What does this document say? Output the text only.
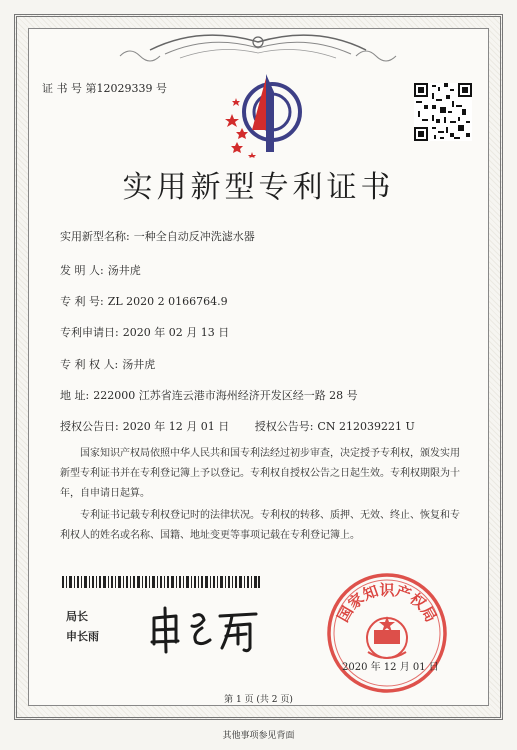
证 书 号 第12029339 号
实用新型专利证书
实用新型名称: 一种全自动反冲洗滤水器
发 明 人: 汤井虎
专 利 号: ZL 2020 2 0166764.9
专利申请日: 2020 年 02 月 13 日
专 利 权 人: 汤井虎
地 址: 222000 江苏省连云港市海州经济开发区经一路 28 号
授权公告日: 2020 年 12 月 01 日 授权公告号: CN 212039221 U
国家知识产权局依照中华人民共和国专利法经过初步审查，决定授予专利权，颁发实用
新型专利证书并在专利登记簿上予以登记。专利权自授权公告之日起生效。专利权期限为十
年，自申请日起算。
专利证书记载专利权登记时的法律状况。专利权的转移、质押、无效、终止、恢复和专
利权人的姓名或名称、国籍、地址变更等事项记载在专利登记簿上。
局长
申长雨
国家知识产权局
2020 年 12 月 01 日
第 1 页 (共 2 页)
其他事项参见背面
